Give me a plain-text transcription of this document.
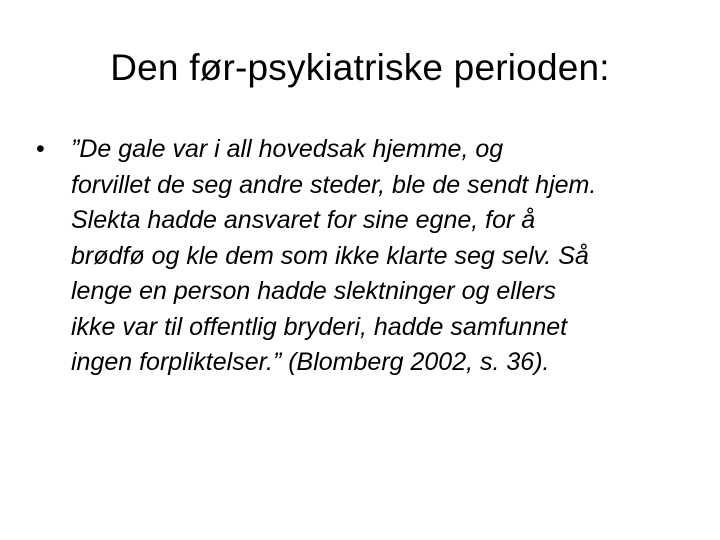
Den før-psykiatriske perioden:
•	”De gale var i all hovedsak hjemme, og
forvillet de seg andre steder, ble de sendt hjem.
Slekta hadde ansvaret for sine egne, for å
brødfø og kle dem som ikke klarte seg selv. Så
lenge en person hadde slektninger og ellers
ikke var til offentlig bryderi, hadde samfunnet
ingen forpliktelser.” (Blomberg 2002, s. 36).
